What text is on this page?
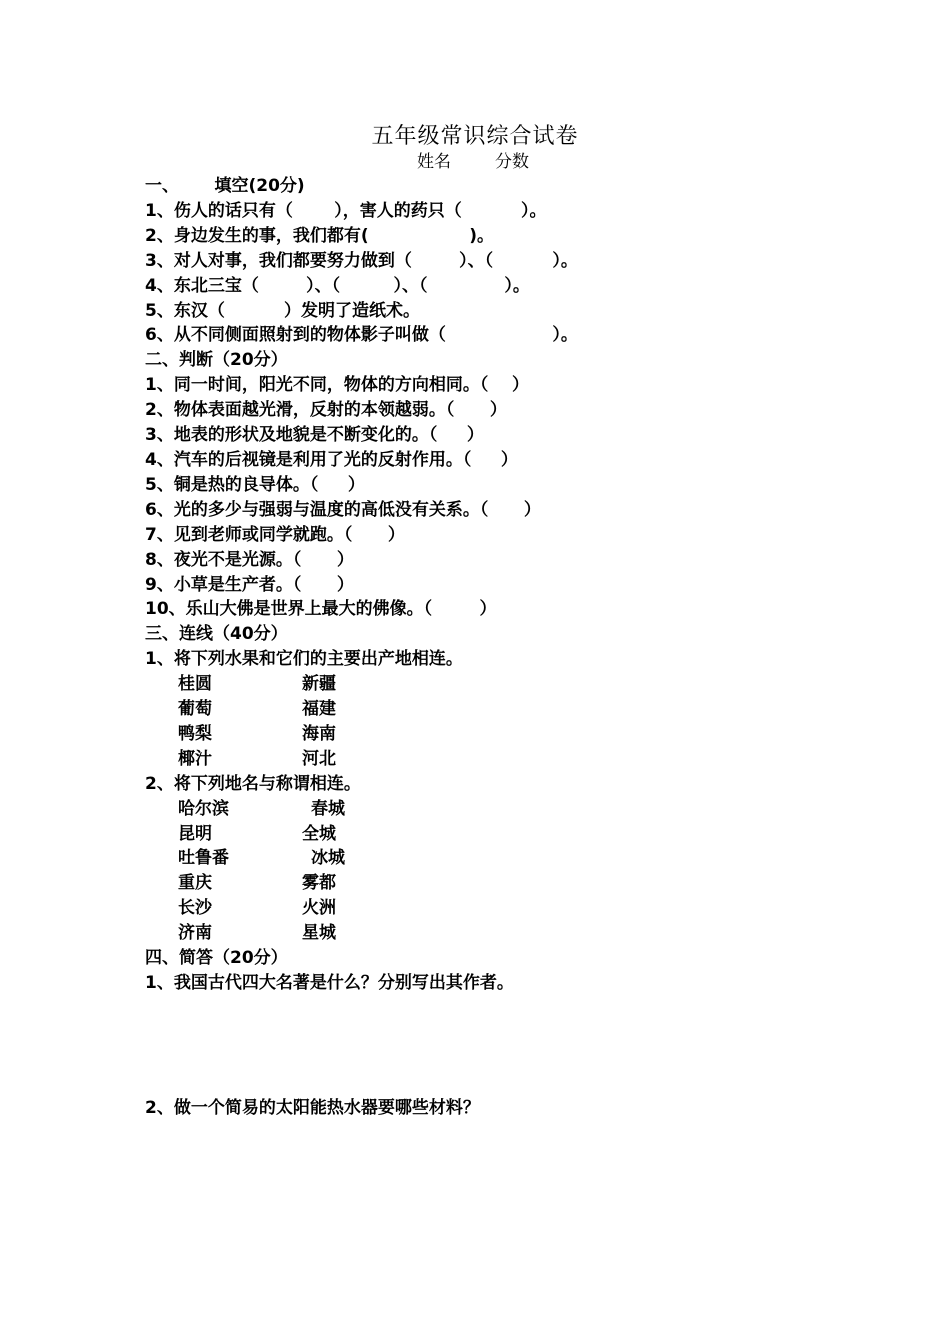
五年级常识综合试卷
姓名	分数
一、      填空(20分)
1、伤人的话只有（       ），害人的药只（          ）。
2、身边发生的事，我们都有(                 )。
3、对人对事，我们都要努力做到（        ）、（          ）。
4、东北三宝（        ）、（         ）、（             ）。
5、东汉（          ）发明了造纸术。
6、从不同侧面照射到的物体影子叫做（                  ）。
二、判断（20分）
1、同一时间，阳光不同，物体的方向相同。（    ）
2、物体表面越光滑，反射的本领越弱。（      ）
3、地表的形状及地貌是不断变化的。（     ）
4、汽车的后视镜是利用了光的反射作用。（     ）
5、铜是热的良导体。（     ）
6、光的多少与强弱与温度的高低没有关系。（      ）
7、见到老师或同学就跑。（      ）
8、夜光不是光源。（      ）
9、小草是生产者。（      ）
10、乐山大佛是世界上最大的佛像。（        ）
三、连线（40分）
1、将下列水果和它们的主要出产地相连。
桂圆	新疆
葡萄	福建
鸭梨	海南
椰汁	河北
2、将下列地名与称谓相连。
哈尔滨	春城
昆明	全城
吐鲁番	冰城
重庆	雾都
长沙	火洲
济南	星城
四、简答（20分）
1、我国古代四大名著是什么？分别写出其作者。
2、做一个简易的太阳能热水器要哪些材料？
